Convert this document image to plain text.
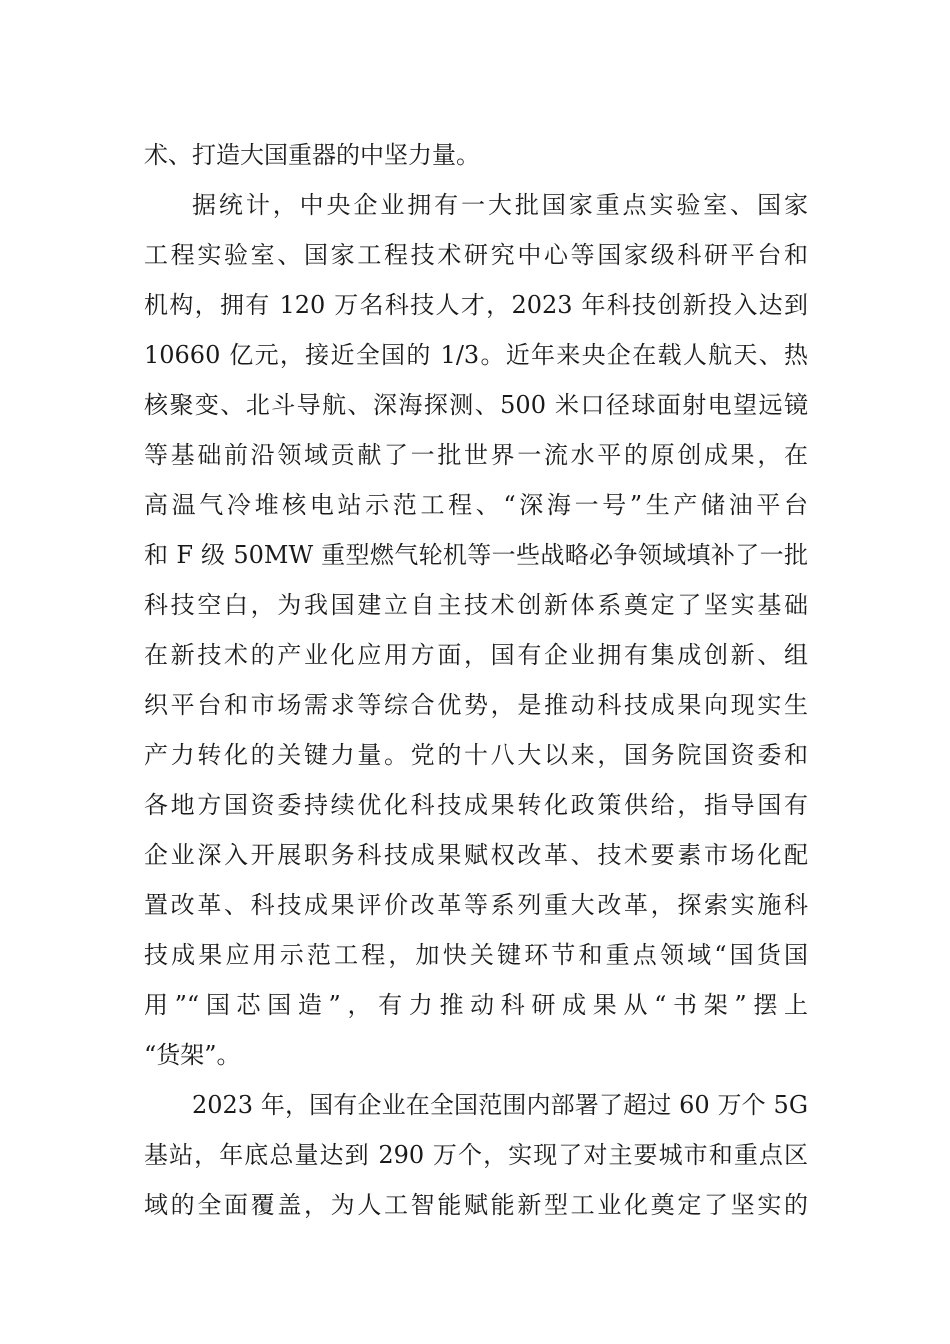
术、打造大国重器的中坚力量。
据统计，中央企业拥有一大批国家重点实验室、国家
工程实验室、国家工程技术研究中心等国家级科研平台和
机构，拥有 120 万名科技人才，2023 年科技创新投入达到
10660 亿元，接近全国的 1/3。近年来央企在载人航天、热
核聚变、北斗导航、深海探测、500 米口径球面射电望远镜
等基础前沿领域贡献了一批世界一流水平的原创成果，在
高温气冷堆核电站示范工程、“深海一号”生产储油平台
和 F 级 50MW 重型燃气轮机等一些战略必争领域填补了一批
科技空白，为我国建立自主技术创新体系奠定了坚实基础
在新技术的产业化应用方面，国有企业拥有集成创新、组
织平台和市场需求等综合优势，是推动科技成果向现实生
产力转化的关键力量。党的十八大以来，国务院国资委和
各地方国资委持续优化科技成果转化政策供给，指导国有
企业深入开展职务科技成果赋权改革、技术要素市场化配
置改革、科技成果评价改革等系列重大改革，探索实施科
技成果应用示范工程，加快关键环节和重点领域“国货国
用”“国芯国造”，有力推动科研成果从“书架”摆上
“货架”。
2023 年，国有企业在全国范围内部署了超过 60 万个 5G
基站，年底总量达到 290 万个，实现了对主要城市和重点区
域的全面覆盖，为人工智能赋能新型工业化奠定了坚实的
